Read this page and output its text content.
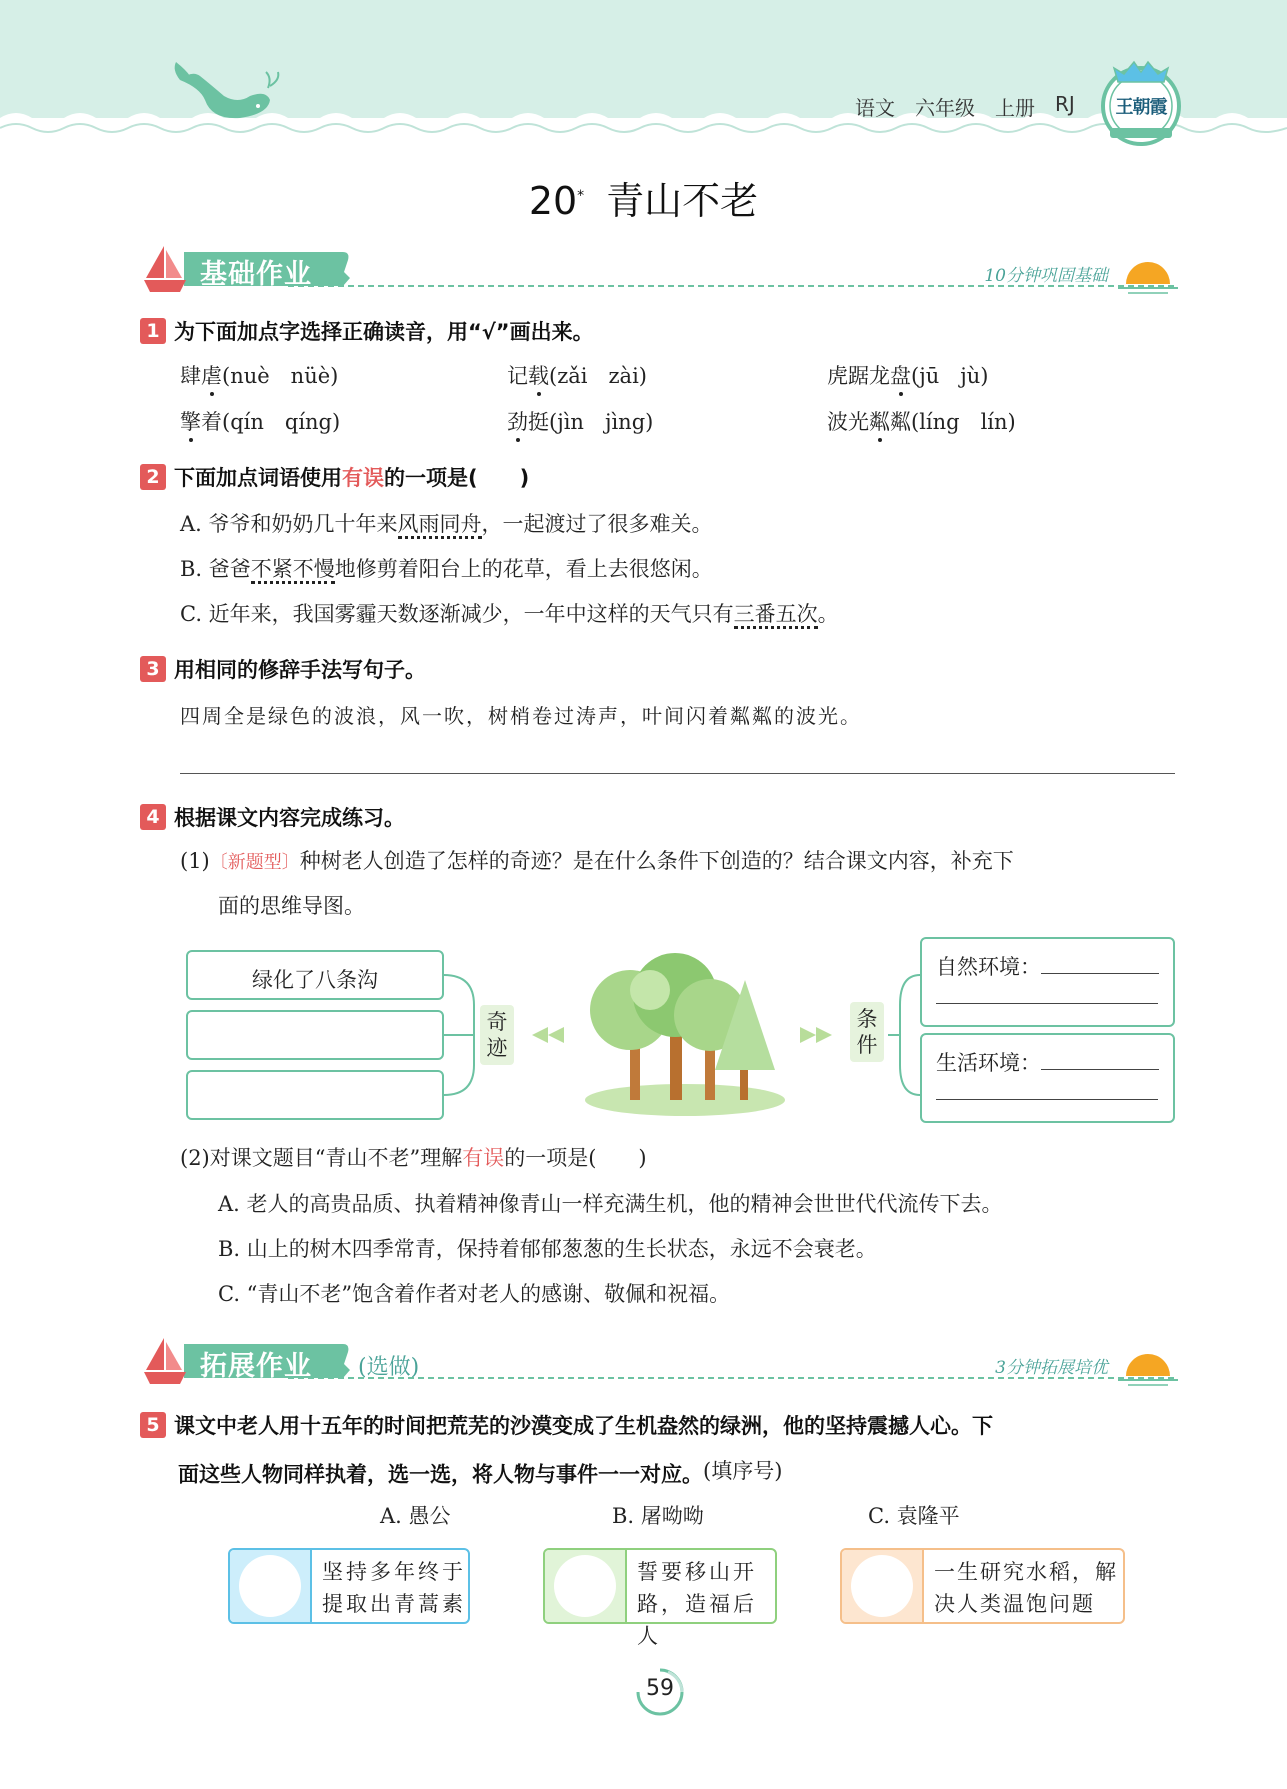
语文 六年级 上册 RJ 王朝霞
20* 青山不老
基础作业	10分钟巩固基础
1 为下面加点字选择正确读音，用“√”画出来。
肆虐(nuè　nüè)	记载(zǎi　zài)	虎踞龙盘(jū　jù)
擎着(qín　qíng)	劲挺(jìn　jìng)	波光粼粼(líng　lín)
2 下面加点词语使用有误的一项是(　　)
A. 爷爷和奶奶几十年来风雨同舟，一起渡过了很多难关。
B. 爸爸不紧不慢地修剪着阳台上的花草，看上去很悠闲。
C. 近年来，我国雾霾天数逐渐减少，一年中这样的天气只有三番五次。
3 用相同的修辞手法写句子。
四周全是绿色的波浪，风一吹，树梢卷过涛声，叶间闪着粼粼的波光。
4 根据课文内容完成练习。
(1)〔新题型〕种树老人创造了怎样的奇迹？是在什么条件下创造的？结合课文内容，补充下
面的思维导图。
绿化了八条沟
奇迹
条件
自然环境：
生活环境：
(2)对课文题目“青山不老”理解有误的一项是(　　)
A. 老人的高贵品质、执着精神像青山一样充满生机，他的精神会世世代代流传下去。
B. 山上的树木四季常青，保持着郁郁葱葱的生长状态，永远不会衰老。
C. “青山不老”饱含着作者对老人的感谢、敬佩和祝福。
拓展作业 (选做)	3分钟拓展培优
5 课文中老人用十五年的时间把荒芜的沙漠变成了生机盎然的绿洲，他的坚持震撼人心。下
面这些人物同样执着，选一选，将人物与事件一一对应。(填序号)
A. 愚公	B. 屠呦呦	C. 袁隆平
坚持多年终于
提取出青蒿素
誓要移山开
路，造福后人
一生研究水稻，解
决人类温饱问题
59
